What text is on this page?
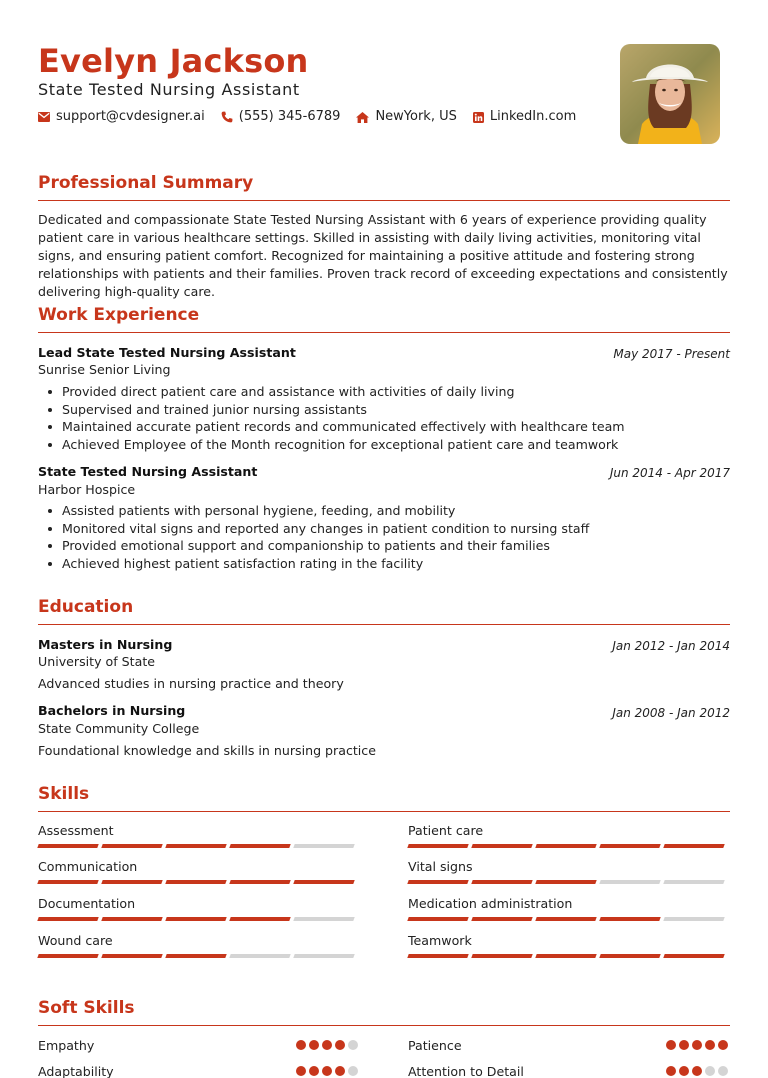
Evelyn Jackson
State Tested Nursing Assistant
support@cvdesigner.ai	(555) 345-6789	NewYork, US	LinkedIn.com
Professional Summary
Dedicated and compassionate State Tested Nursing Assistant with 6 years of experience providing quality patient care in various healthcare settings. Skilled in assisting with daily living activities, monitoring vital signs, and ensuring patient comfort. Recognized for maintaining a positive attitude and fostering strong relationships with patients and their families. Proven track record of exceeding expectations and consistently delivering high-quality care.
Work Experience
Lead State Tested Nursing Assistant	May 2017 - Present
Sunrise Senior Living
Provided direct patient care and assistance with activities of daily living
Supervised and trained junior nursing assistants
Maintained accurate patient records and communicated effectively with healthcare team
Achieved Employee of the Month recognition for exceptional patient care and teamwork
State Tested Nursing Assistant	Jun 2014 - Apr 2017
Harbor Hospice
Assisted patients with personal hygiene, feeding, and mobility
Monitored vital signs and reported any changes in patient condition to nursing staff
Provided emotional support and companionship to patients and their families
Achieved highest patient satisfaction rating in the facility
Education
Masters in Nursing	Jan 2012 - Jan 2014
University of State
Advanced studies in nursing practice and theory
Bachelors in Nursing	Jan 2008 - Jan 2012
State Community College
Foundational knowledge and skills in nursing practice
Skills
Assessment	Patient care
Communication	Vital signs
Documentation	Medication administration
Wound care	Teamwork
Soft Skills
Empathy	Patience
Adaptability	Attention to Detail
